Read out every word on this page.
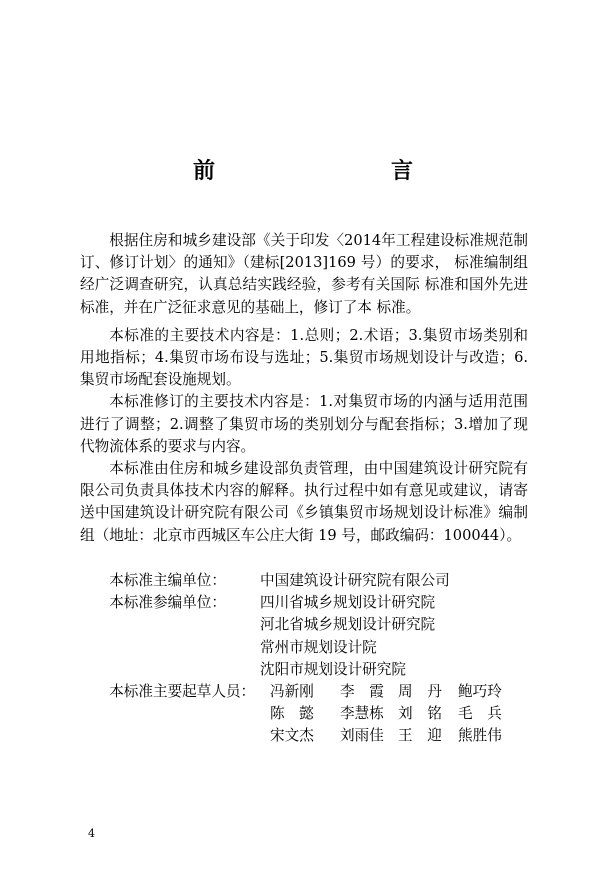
前　　言

根据住房和城乡建设部《关于印发〈2014年工程建设标准规范制订、修订计划〉的通知》（建标[2013]169 号）的要求， 标准编制组经广泛调查研究，认真总结实践经验，参考有关国际 标准和国外先进标准，并在广泛征求意见的基础上，修订了本 标准。

本标准的主要技术内容是：1.总则；2.术语；3.集贸市场类别和用地指标；4.集贸市场布设与选址；5.集贸市场规划设计与改造；6.集贸市场配套设施规划。

本标准修订的主要技术内容是：1.对集贸市场的内涵与适用范围进行了调整；2.调整了集贸市场的类别划分与配套指标；3.增加了现代物流体系的要求与内容。

本标准由住房和城乡建设部负责管理，由中国建筑设计研究院有限公司负责具体技术内容的解释。执行过程中如有意见或建议，请寄送中国建筑设计研究院有限公司《乡镇集贸市场规划设计标准》编制组（地址：北京市西城区车公庄大街 19 号，邮政编码：100044）。

本标准主编单位：	中国建筑设计研究院有限公司
本标准参编单位：	四川省城乡规划设计研究院
河北省城乡规划设计研究院
常州市规划设计院
沈阳市规划设计研究院
本标准主要起草人员：	冯新刚	李　霞 周　丹	鲍巧玲
陈　懿	李慧栋 刘　铭	毛　兵
宋文杰	刘雨佳 王　迎	熊胜伟
4
